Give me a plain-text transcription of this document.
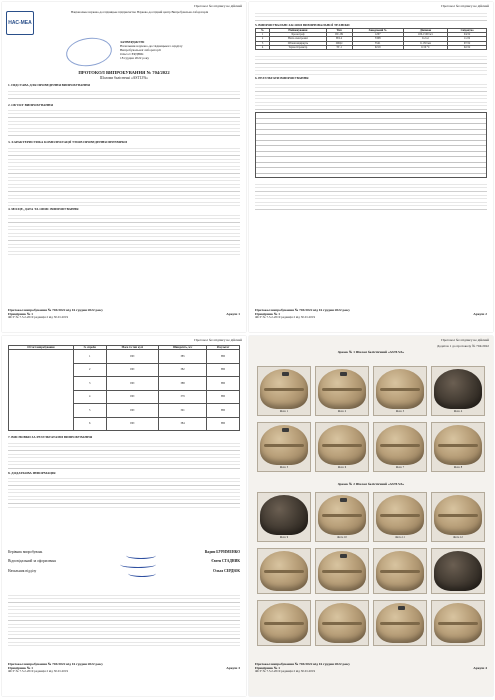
Протокол без підпису не дійсний
НАС-МЕА
Національне науково-дослідницьке підприємство Науково-дослідний центр Випробувальна лабораторія
ЗАТВЕРДЖУЮ
Начальник науково-дослідницького відділу
Випробувальної лабораторії
Ольга СЕРДЮК
18 грудня 2022 року

ПРОТОКОЛ ВИПРОБУВАННЯ № 704/2022

Шоломи балістичні «ASTLVA»

1. ПІДСТАВА ДЛЯ ПРОВЕДЕННЯ ВИПРОБУВАННЯ

2. ОБ'ЄКТ ВИПРОБУВАННЯ

3. ХАРАКТЕРИСТИКА КОМПЛЕКТАЦІЇ УМОВ ПРОВЕДЕННЯ ПЕРЕВІРКИ

4. МІСЦЕ, ДАТА ТА ОПИС ВИПРОБУВАННЯ

Протокол випробування № 704/2022 від 16 грудня 2022 року
Примірник № 1	Аркуш 1
ФСУ № 7.5.2-2019 редакція 2 від 30.01.2019
Протокол без підпису не дійсний

5. ВИПРОБУВАЛЬНІ ЗАСОБИ ВИМІРЮВАЛЬНОЇ ТЕХНІКИ

№	Найменування	Тип	Заводський №	Діапазон	Свідоцтво
1	Хронограф	ИС-99	1207	100-1500 м/с	04/22
2	Ваги електронні	ВЛ-2	3308	0-2 кг	11/22
3	Штангенциркуль	ШЦ-І	5541	0-150 мм	07/22
4	Термогігрометр	ТГ-1	0219	0-50 °C	02/22

6. РЕЗУЛЬТАТИ ВИПРОБУВАННЯ

Протокол випробування № 704/2022 від 16 грудня 2022 року
Примірник № 1	Аркуш 2
ФСУ № 7.5.2-2019 редакція 2 від 30.01.2019
Протокол без підпису не дійсний
Об'єкт випробування	№ спроби	Маса та тип кулі	Швидкість, м/с	Результат
	1	ПП	385	НП
	2	ПП	382	НП
	3	ПП	388	НП
	4	ПП	379	НП
	5	ПП	391	НП
	6	ПП	384	НП

7. ВИСНОВКИ ЗА РЕЗУЛЬТАТАМИ ВИПРОБУВАННЯ

8. ДОДАТКОВА ІНФОРМАЦІЯ

Керівник випробувань	Вадим БУРИМЕНКО
Відповідальний за оформлення	Євген СТАДНИК
Начальник відділу	Ольга СЕРДЮК

Протокол випробування № 704/2022 від 16 грудня 2022 року
Примірник № 1	Аркуш 3
ФСУ № 7.5.2-2019 редакція 2 від 30.01.2019
Протокол без підпису не дійсний
Додаток 1 до протоколу № 704/2022
Зразок № 1 Шолом балістичний «ASTLVA»
Фото 1	Фото 2	Фото 3	Фото 4
Фото 5	Фото 6	Фото 7	Фото 8
Зразок № 2 Шолом балістичний «ASTLVA»
Фото 9	Фото 10	Фото 11	Фото 12
Протокол випробування № 704/2022 від 16 грудня 2022 року
Примірник № 1	Аркуш 4
ФСУ № 7.5.2-2019 редакція 2 від 30.01.2019
